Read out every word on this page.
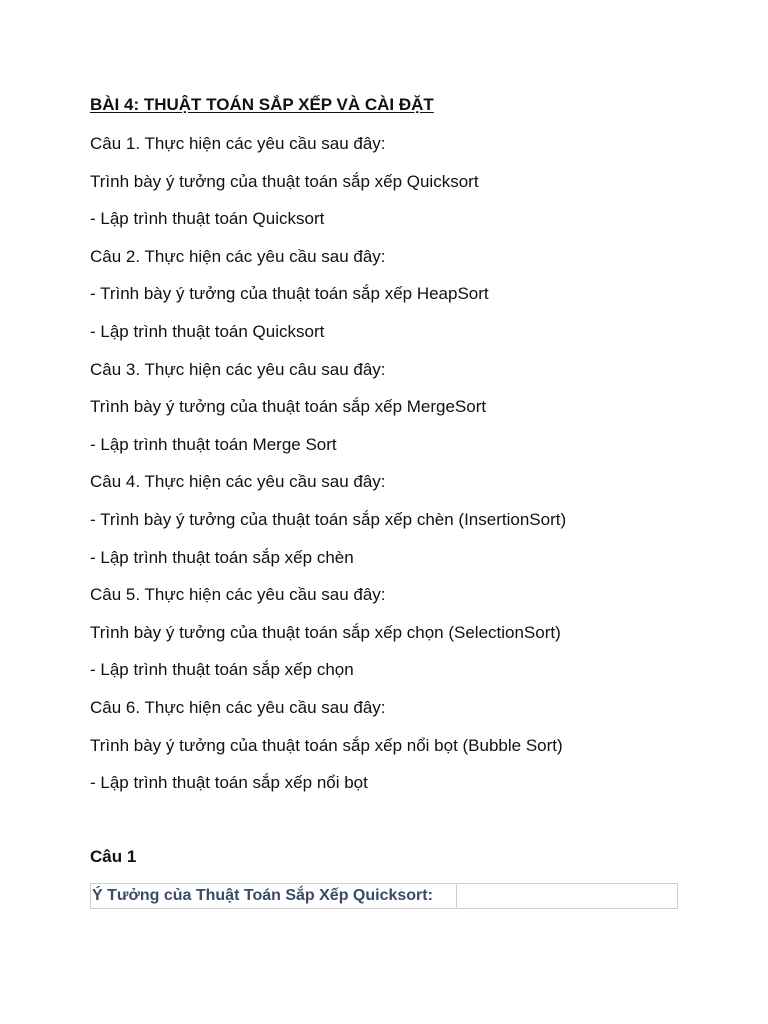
BÀI 4: THUẬT TOÁN SẮP XẾP VÀ CÀI ĐẶT
Câu 1. Thực hiện các yêu cầu sau đây:
Trình bày ý tưởng của thuật toán sắp xếp Quicksort
- Lập trình thuật toán Quicksort
Câu 2. Thực hiện các yêu cầu sau đây:
- Trình bày ý tưởng của thuật toán sắp xếp HeapSort
- Lập trình thuật toán Quicksort
Câu 3. Thực hiện các yêu câu sau đây:
Trình bày ý tưởng của thuật toán sắp xếp MergeSort
- Lập trình thuật toán Merge Sort
Câu 4. Thực hiện các yêu cầu sau đây:
- Trình bày ý tưởng của thuật toán sắp xếp chèn (InsertionSort)
- Lập trình thuật toán sắp xếp chèn
Câu 5. Thực hiện các yêu cầu sau đây:
Trình bày ý tưởng của thuật toán sắp xếp chọn (SelectionSort)
- Lập trình thuật toán sắp xếp chọn
Câu 6. Thực hiện các yêu cầu sau đây:
Trình bày ý tưởng của thuật toán sắp xếp nổi bọt (Bubble Sort)
- Lập trình thuật toán sắp xếp nổi bọt
Câu 1
Ý Tưởng của Thuật Toán Sắp Xếp Quicksort:
